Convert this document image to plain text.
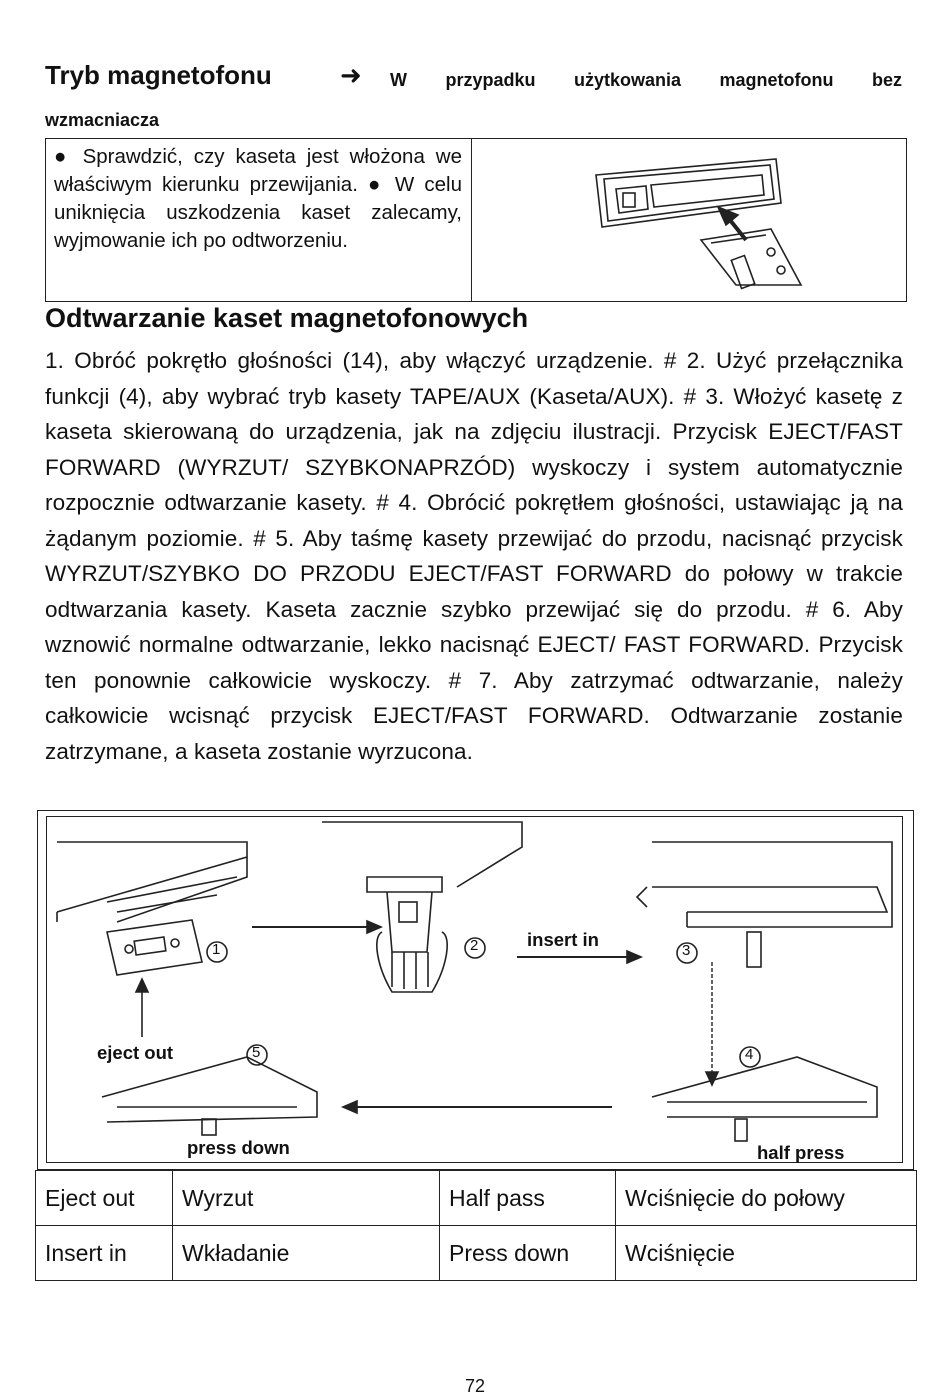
Tryb magnetofonu	➜ W przypadku użytkowania magnetofonu bez
wzmacniacza
● Sprawdzić, czy kaseta jest włożona we właściwym kierunku przewijania. ● W celu uniknięcia uszkodzenia kaset zalecamy, wyjmowanie ich po odtworzeniu.
Odtwarzanie kaset magnetofonowych
1. Obróć pokrętło głośności (14), aby włączyć urządzenie. # 2. Użyć przełącznika funkcji (4), aby wybrać tryb kasety TAPE/AUX (Kaseta/AUX). # 3. Włożyć kasetę z kaseta skierowaną do urządzenia, jak na zdjęciu ilustracji. Przycisk EJECT/FAST FORWARD (WYRZUT/ SZYBKONAPRZÓD) wyskoczy i system automatycznie rozpocznie odtwarzanie kasety. # 4. Obrócić pokrętłem głośności, ustawiając ją na żądanym poziomie. # 5. Aby taśmę kasety przewijać do przodu, nacisnąć przycisk WYRZUT/SZYBKO DO PRZODU EJECT/FAST FORWARD do połowy w trakcie odtwarzania kasety. Kaseta zacznie szybko przewijać się do przodu. # 6. Aby wznowić normalne odtwarzanie, lekko nacisnąć EJECT/ FAST FORWARD. Przycisk ten ponownie całkowicie wyskoczy. # 7. Aby zatrzymać odtwarzanie, należy całkowicie wcisnąć przycisk EJECT/FAST FORWARD. Odtwarzanie zostanie zatrzymane, a kaseta zostanie wyrzucona.
1	2	3
4
5
insert in
eject out
press down	half press
Eject out	Wyrzut	Half pass	Wciśnięcie do połowy
Insert in	Wkładanie	Press down	Wciśnięcie
72
